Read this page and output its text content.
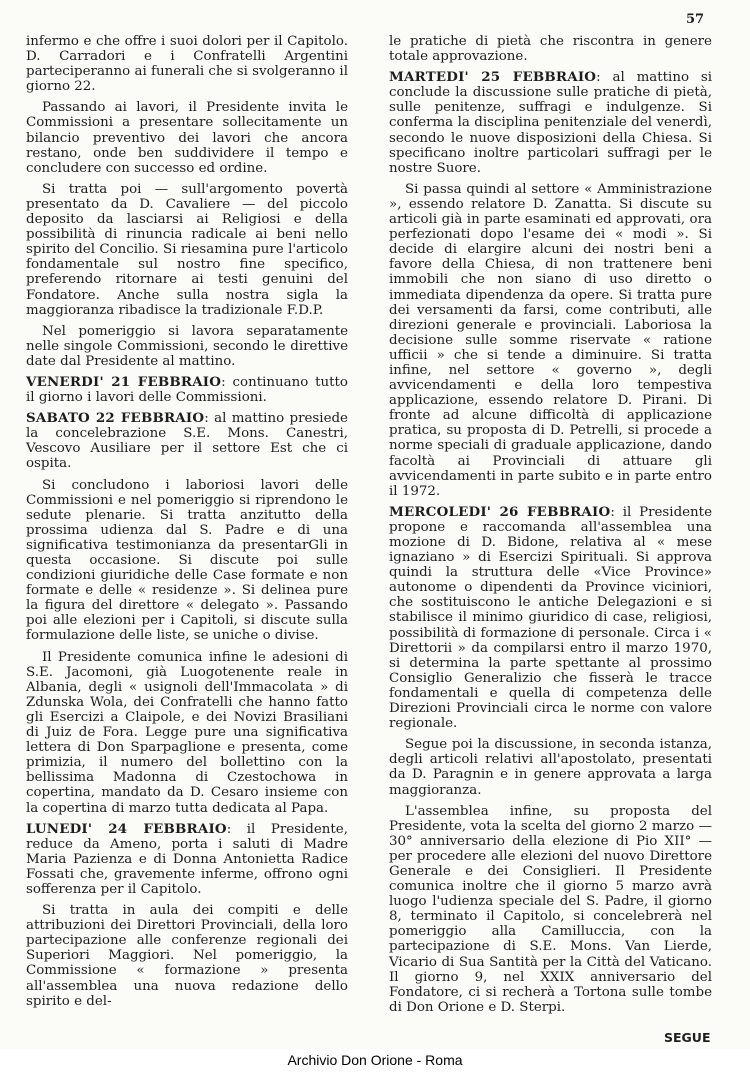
57

infermo e che offre i suoi dolori per il Capitolo. D. Carradori e i Confratelli Argentini parteciperanno ai funerali che si svolgeranno il giorno 22.

Passando ai lavori, il Presidente invita le Commissioni a presentare sollecitamente un bilancio preventivo dei lavori che ancora restano, onde ben suddividere il tempo e concludere con successo ed ordine.

Si tratta poi — sull'argomento povertà presentato da D. Cavaliere — del piccolo deposito da lasciarsi ai Religiosi e della possibilità di rinuncia radicale ai beni nello spirito del Concilio. Si riesamina pure l'articolo fondamentale sul nostro fine specifico, preferendo ritornare ai testi genuini del Fondatore. Anche sulla nostra sigla la maggioranza ribadisce la tradizionale F.D.P.

Nel pomeriggio si lavora separatamente nelle singole Commissioni, secondo le direttive date dal Presidente al mattino.

VENERDI' 21 FEBBRAIO: continuano tutto il giorno i lavori delle Commissioni.

SABATO 22 FEBBRAIO: al mattino presiede la concelebrazione S.E. Mons. Canestri, Vescovo Ausiliare per il settore Est che ci ospita.

Si concludono i laboriosi lavori delle Commissioni e nel pomeriggio si riprendono le sedute plenarie. Si tratta anzitutto della prossima udienza dal S. Padre e di una significativa testimonianza da presentarGli in questa occasione. Si discute poi sulle condizioni giuridiche delle Case formate e non formate e delle « residenze ». Si delinea pure la figura del direttore « delegato ». Passando poi alle elezioni per i Capitoli, si discute sulla formulazione delle liste, se uniche o divise.

Il Presidente comunica infine le adesioni di S.E. Jacomoni, già Luogotenente reale in Albania, degli « usignoli dell'Immacolata » di Zdunska Wola, dei Confratelli che hanno fatto gli Esercizi a Claipole, e dei Novizi Brasiliani di Juiz de Fora. Legge pure una significativa lettera di Don Sparpaglione e presenta, come primizia, il numero del bollettino con la bellissima Madonna di Czestochowa in copertina, mandato da D. Cesaro insieme con la copertina di marzo tutta dedicata al Papa.

LUNEDI' 24 FEBBRAIO: il Presidente, reduce da Ameno, porta i saluti di Madre Maria Pazienza e di Donna Antonietta Radice Fossati che, gravemente inferme, offrono ogni sofferenza per il Capitolo.

Si tratta in aula dei compiti e delle attribuzioni dei Direttori Provinciali, della loro partecipazione alle conferenze regionali dei Superiori Maggiori. Nel pomeriggio, la Commissione « formazione » presenta all'assemblea una nuova redazione dello spirito e del-

le pratiche di pietà che riscontra in genere totale approvazione.

MARTEDI' 25 FEBBRAIO: al mattino si conclude la discussione sulle pratiche di pietà, sulle penitenze, suffragi e indulgenze. Si conferma la disciplina penitenziale del venerdì, secondo le nuove disposizioni della Chiesa. Si specificano inoltre particolari suffragi per le nostre Suore.

Si passa quindi al settore « Amministrazione », essendo relatore D. Zanatta. Si discute su articoli già in parte esaminati ed approvati, ora perfezionati dopo l'esame dei « modi ». Si decide di elargire alcuni dei nostri beni a favore della Chiesa, di non trattenere beni immobili che non siano di uso diretto o immediata dipendenza da opere. Si tratta pure dei versamenti da farsi, come contributi, alle direzioni generale e provinciali. Laboriosa la decisione sulle somme riservate « ratione ufficii » che si tende a diminuire. Si tratta infine, nel settore « governo », degli avvicendamenti e della loro tempestiva applicazione, essendo relatore D. Pirani. Di fronte ad alcune difficoltà di applicazione pratica, su proposta di D. Petrelli, si procede a norme speciali di graduale applicazione, dando facoltà ai Provinciali di attuare gli avvicendamenti in parte subito e in parte entro il 1972.

MERCOLEDI' 26 FEBBRAIO: il Presidente propone e raccomanda all'assemblea una mozione di D. Bidone, relativa al « mese ignaziano » di Esercizi Spirituali. Si approva quindi la struttura delle «Vice Province» autonome o dipendenti da Province viciniori, che sostituiscono le antiche Delegazioni e si stabilisce il minimo giuridico di case, religiosi, possibilità di formazione di personale. Circa i « Direttorii » da compilarsi entro il marzo 1970, si determina la parte spettante al prossimo Consiglio Generalizio che fisserà le tracce fondamentali e quella di competenza delle Direzioni Provinciali circa le norme con valore regionale.

Segue poi la discussione, in seconda istanza, degli articoli relativi all'apostolato, presentati da D. Paragnin e in genere approvata a larga maggioranza.

L'assemblea infine, su proposta del Presidente, vota la scelta del giorno 2 marzo — 30° anniversario della elezione di Pio XII° — per procedere alle elezioni del nuovo Direttore Generale e dei Consiglieri. Il Presidente comunica inoltre che il giorno 5 marzo avrà luogo l'udienza speciale del S. Padre, il giorno 8, terminato il Capitolo, si concelebrerà nel pomeriggio alla Camilluccia, con la partecipazione di S.E. Mons. Van Lierde, Vicario di Sua Santità per la Città del Vaticano. Il giorno 9, nel XXIX anniversario del Fondatore, ci si recherà a Tortona sulle tombe di Don Orione e D. Sterpi.

SEGUE

Archivio Don Orione - Roma
